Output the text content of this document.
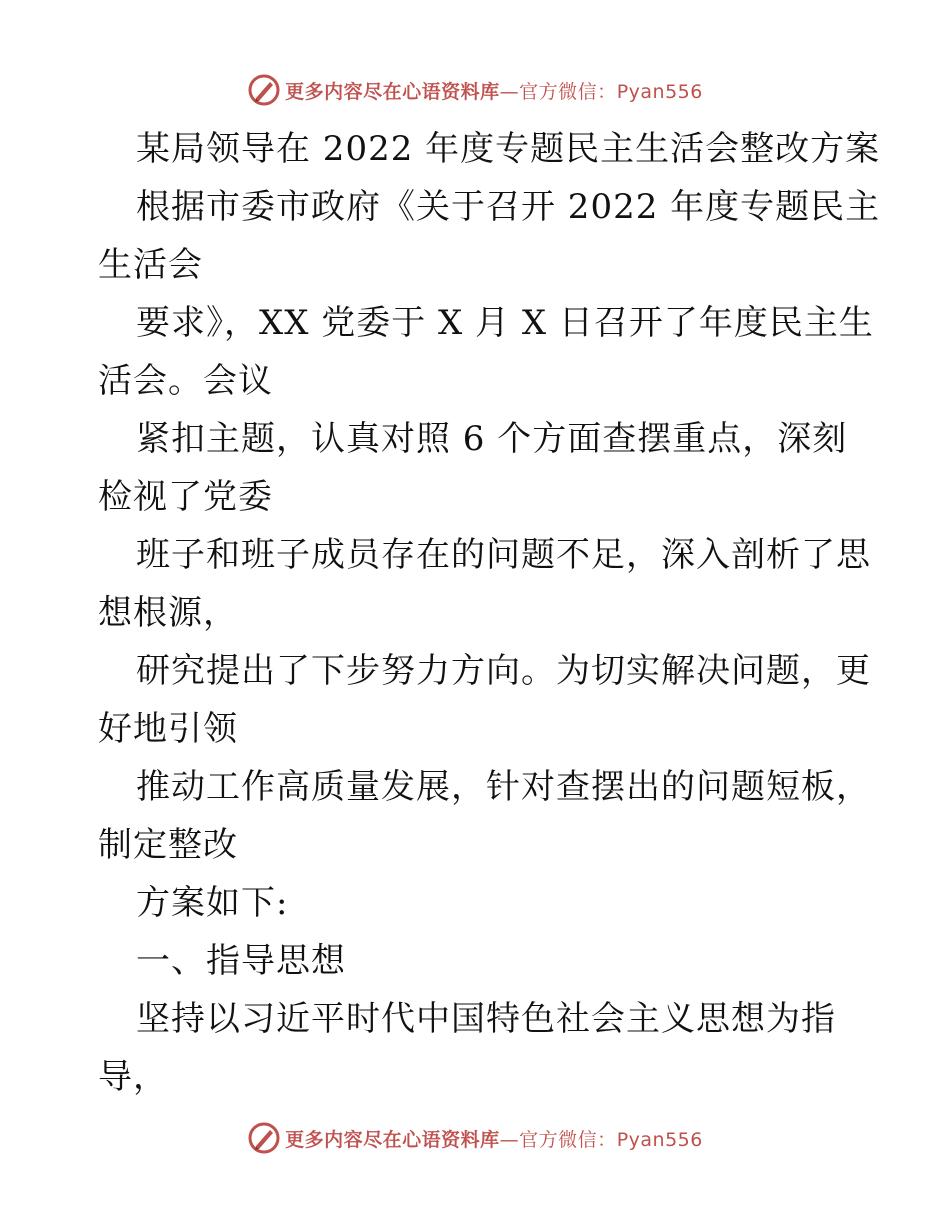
更多内容尽在心语资料库—官方微信：Pyan556
某局领导在 2022 年度专题民主生活会整改方案
根据市委市政府《关于召开 2022 年度专题民主
生活会
要求》，XX 党委于 X 月 X 日召开了年度民主生
活会。会议
紧扣主题，认真对照 6 个方面查摆重点，深刻
检视了党委
班子和班子成员存在的问题不足，深入剖析了思
想根源，
研究提出了下步努力方向。为切实解决问题，更
好地引领
推动工作高质量发展，针对查摆出的问题短板，
制定整改
方案如下:
一、指导思想
坚持以习近平时代中国特色社会主义思想为指
导，
更多内容尽在心语资料库—官方微信：Pyan556
